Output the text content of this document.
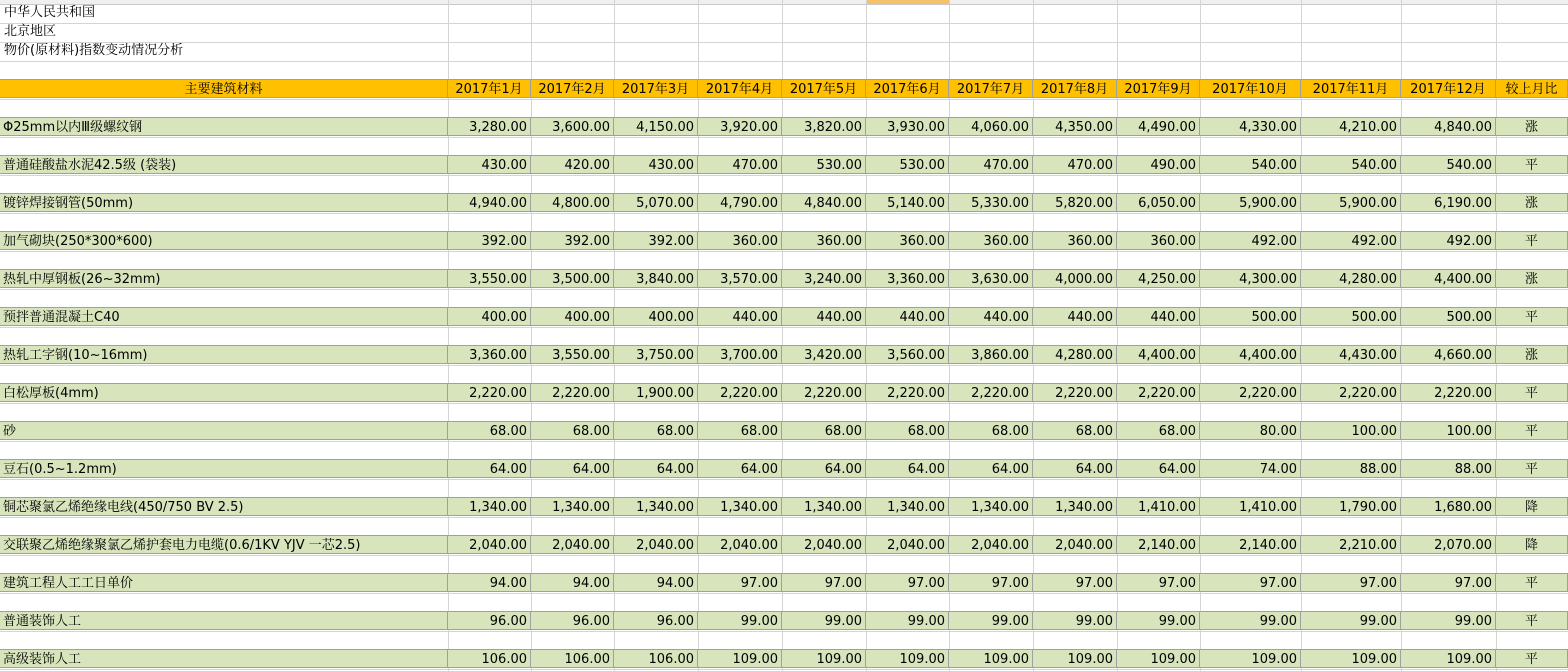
中华人民共和国
北京地区
物价(原材料)指数变动情况分析
主要建筑材料	2017年1月	2017年2月	2017年3月	2017年4月	2017年5月	2017年6月	2017年7月	2017年8月	2017年9月	2017年10月	2017年11月	2017年12月	较上月比
Φ25mm以内Ⅲ级螺纹钢	3,280.00	3,600.00	4,150.00	3,920.00	3,820.00	3,930.00	4,060.00	4,350.00	4,490.00	4,330.00	4,210.00	4,840.00	涨
普通硅酸盐水泥42.5级 (袋装)	430.00	420.00	430.00	470.00	530.00	530.00	470.00	470.00	490.00	540.00	540.00	540.00	平
镀锌焊接钢管(50mm)	4,940.00	4,800.00	5,070.00	4,790.00	4,840.00	5,140.00	5,330.00	5,820.00	6,050.00	5,900.00	5,900.00	6,190.00	涨
加气砌块(250*300*600)	392.00	392.00	392.00	360.00	360.00	360.00	360.00	360.00	360.00	492.00	492.00	492.00	平
热轧中厚钢板(26~32mm)	3,550.00	3,500.00	3,840.00	3,570.00	3,240.00	3,360.00	3,630.00	4,000.00	4,250.00	4,300.00	4,280.00	4,400.00	涨
预拌普通混凝土C40	400.00	400.00	400.00	440.00	440.00	440.00	440.00	440.00	440.00	500.00	500.00	500.00	平
热轧工字钢(10~16mm)	3,360.00	3,550.00	3,750.00	3,700.00	3,420.00	3,560.00	3,860.00	4,280.00	4,400.00	4,400.00	4,430.00	4,660.00	涨
白松厚板(4mm)	2,220.00	2,220.00	1,900.00	2,220.00	2,220.00	2,220.00	2,220.00	2,220.00	2,220.00	2,220.00	2,220.00	2,220.00	平
砂	68.00	68.00	68.00	68.00	68.00	68.00	68.00	68.00	68.00	80.00	100.00	100.00	平
豆石(0.5~1.2mm)	64.00	64.00	64.00	64.00	64.00	64.00	64.00	64.00	64.00	74.00	88.00	88.00	平
铜芯聚氯乙烯绝缘电线(450/750 BV 2.5)	1,340.00	1,340.00	1,340.00	1,340.00	1,340.00	1,340.00	1,340.00	1,340.00	1,410.00	1,410.00	1,790.00	1,680.00	降
交联聚乙烯绝缘聚氯乙烯护套电力电缆(0.6/1KV YJV 一芯2.5)	2,040.00	2,040.00	2,040.00	2,040.00	2,040.00	2,040.00	2,040.00	2,040.00	2,140.00	2,140.00	2,210.00	2,070.00	降
建筑工程人工工日单价	94.00	94.00	94.00	97.00	97.00	97.00	97.00	97.00	97.00	97.00	97.00	97.00	平
普通装饰人工	96.00	96.00	96.00	99.00	99.00	99.00	99.00	99.00	99.00	99.00	99.00	99.00	平
高级装饰人工	106.00	106.00	106.00	109.00	109.00	109.00	109.00	109.00	109.00	109.00	109.00	109.00	平
